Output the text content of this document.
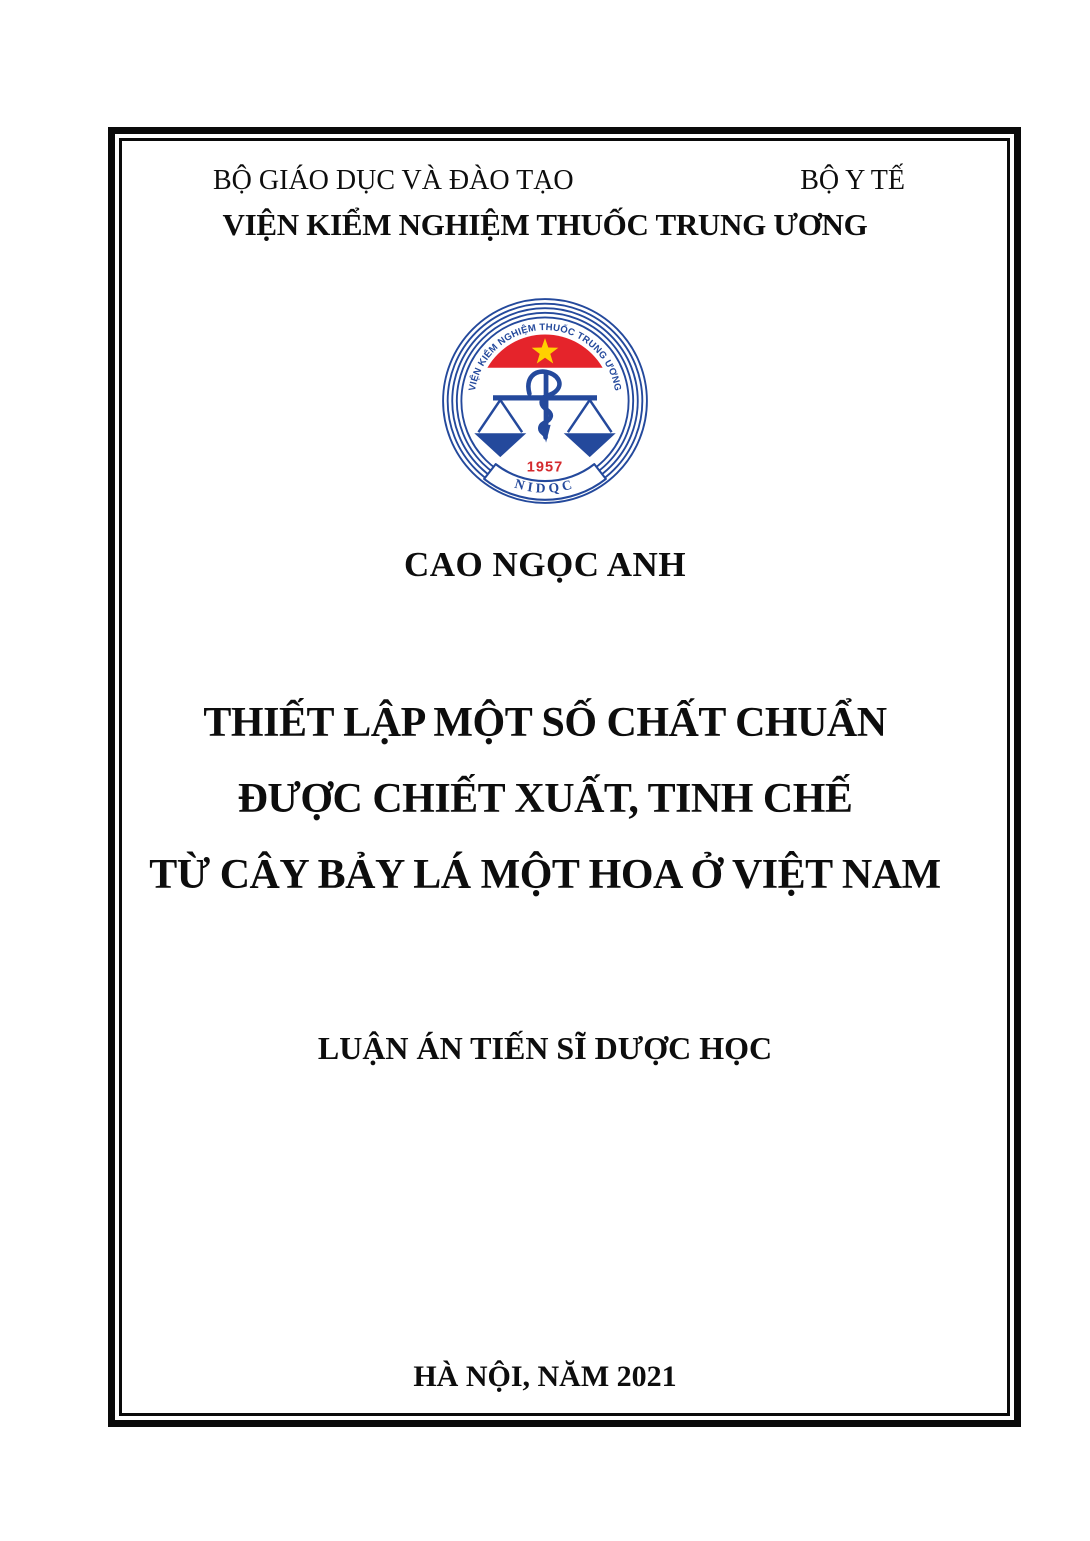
BỘ GIÁO DỤC VÀ ĐÀO TẠO	BỘ Y TẾ
VIỆN KIỂM NGHIỆM THUỐC TRUNG ƯƠNG
VIỆN KIỂM NGHIỆM THUỐC TRUNG ƯƠNG
1957
NIDQC
CAO NGỌC ANH
THIẾT LẬP MỘT SỐ CHẤT CHUẨN
ĐƯỢC CHIẾT XUẤT, TINH CHẾ
TỪ CÂY BẢY LÁ MỘT HOA Ở VIỆT NAM
LUẬN ÁN TIẾN SĨ DƯỢC HỌC
HÀ NỘI, NĂM 2021
